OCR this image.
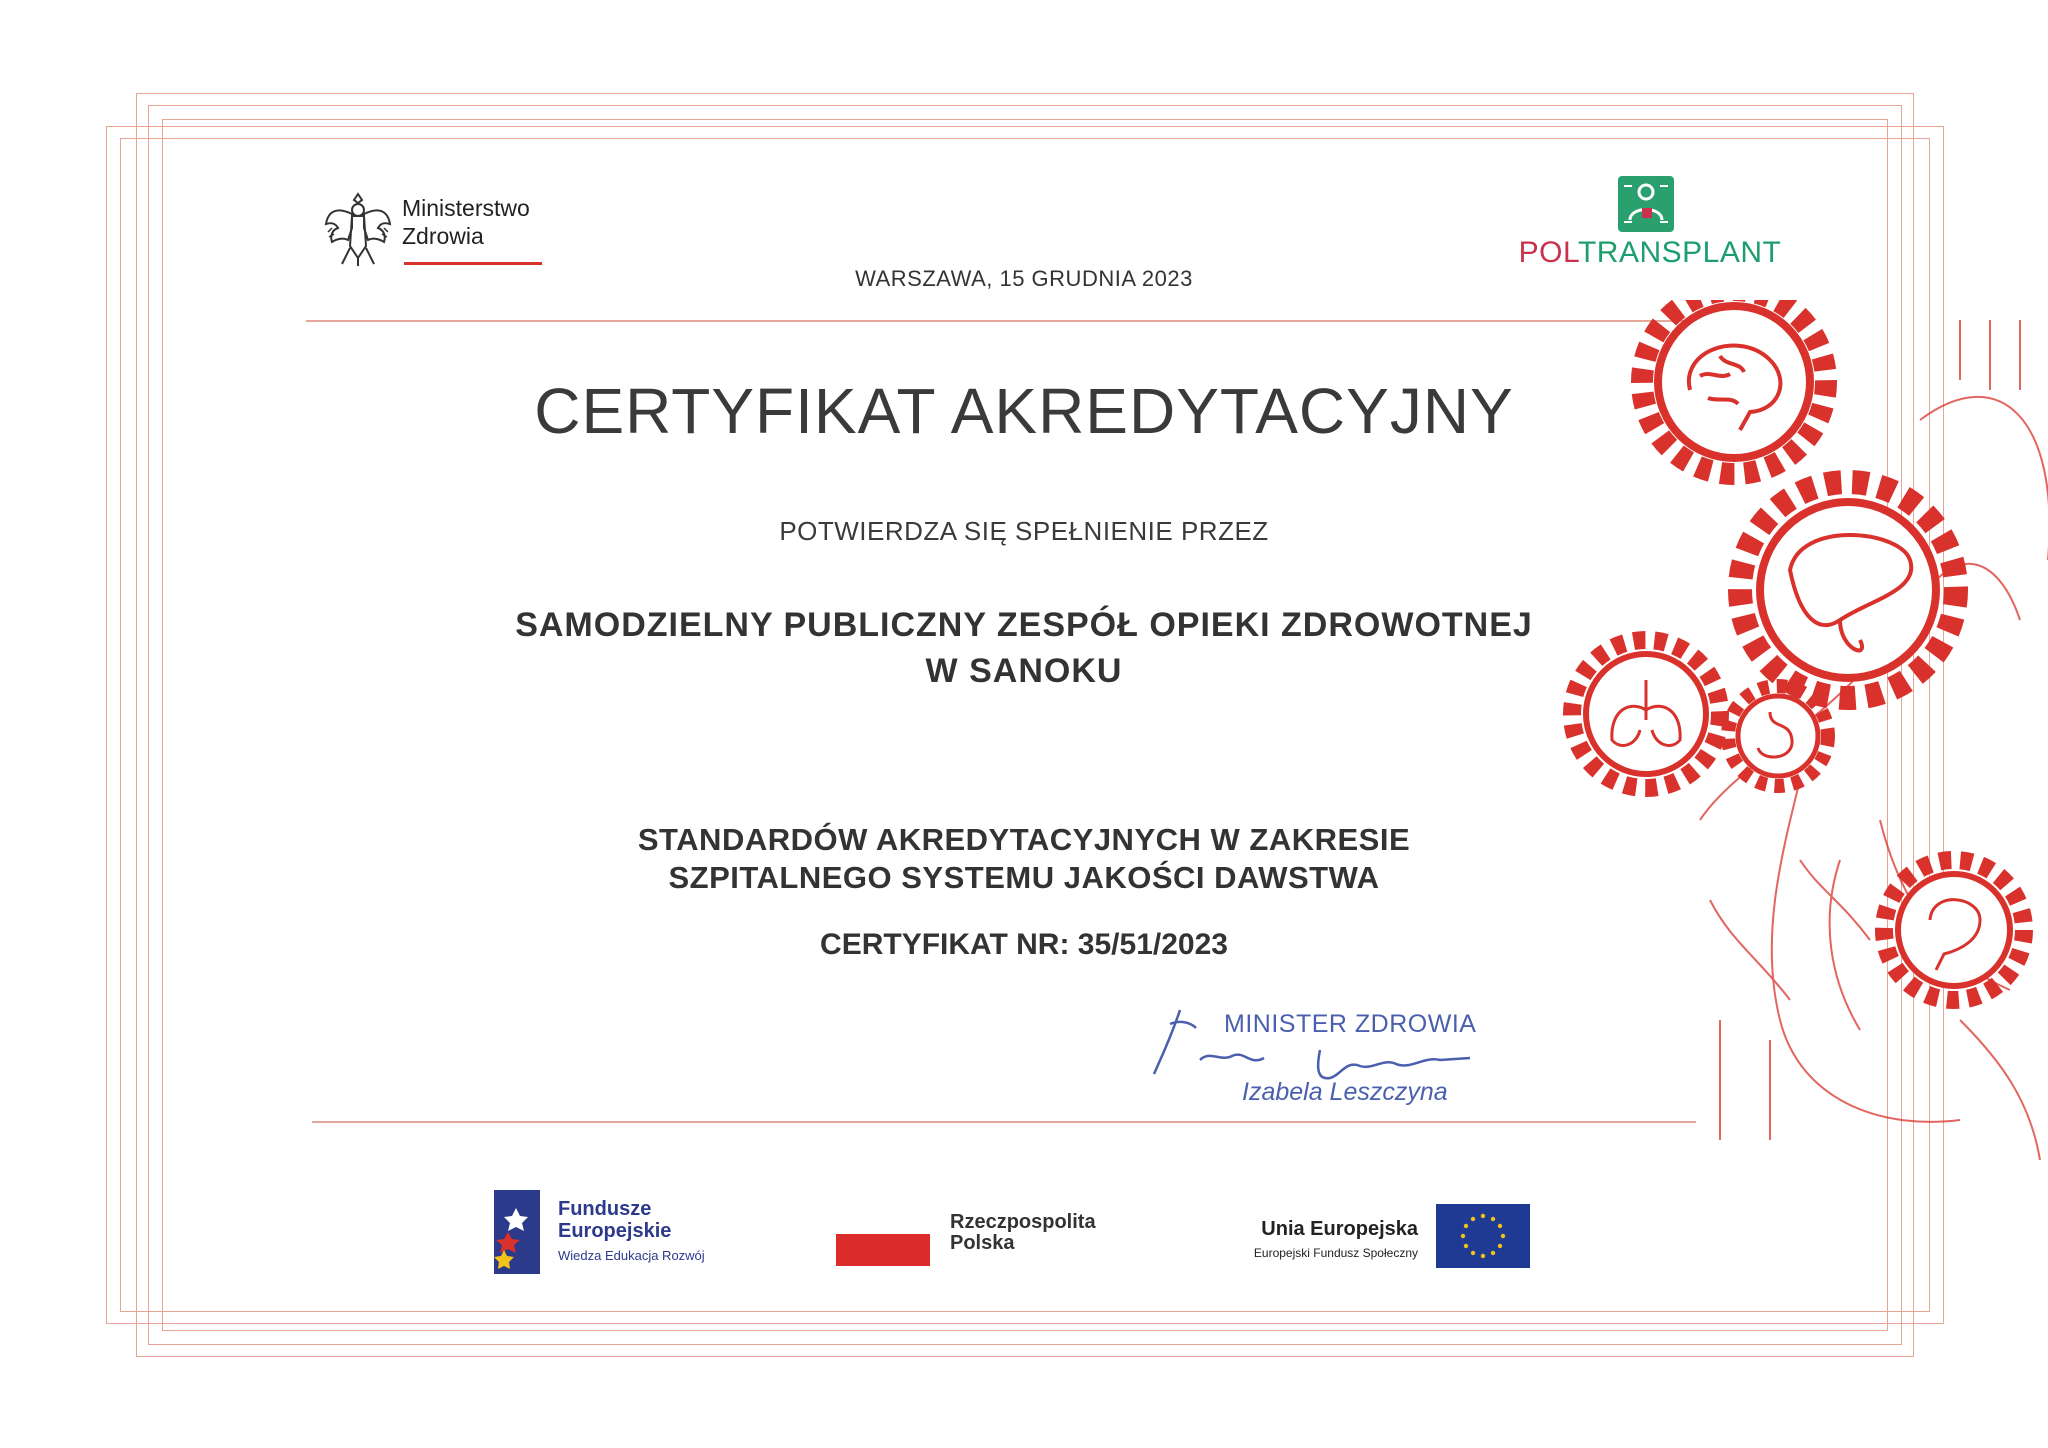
Ministerstwo
Zdrowia
WARSZAWA, 15 GRUDNIA 2023
POLTRANSPLANT
CERTYFIKAT AKREDYTACYJNY
POTWIERDZA SIĘ SPEŁNIENIE PRZEZ
SAMODZIELNY PUBLICZNY ZESPÓŁ OPIEKI ZDROWOTNEJ
W SANOKU
STANDARDÓW AKREDYTACYJNYCH W ZAKRESIE
SZPITALNEGO SYSTEMU JAKOŚCI DAWSTWA
CERTYFIKAT NR: 35/51/2023
MINISTER ZDROWIA
Izabela Leszczyna
Fundusze
Europejskie
Wiedza Edukacja Rozwój
Rzeczpospolita
Polska
Unia Europejska
Europejski Fundusz Społeczny
